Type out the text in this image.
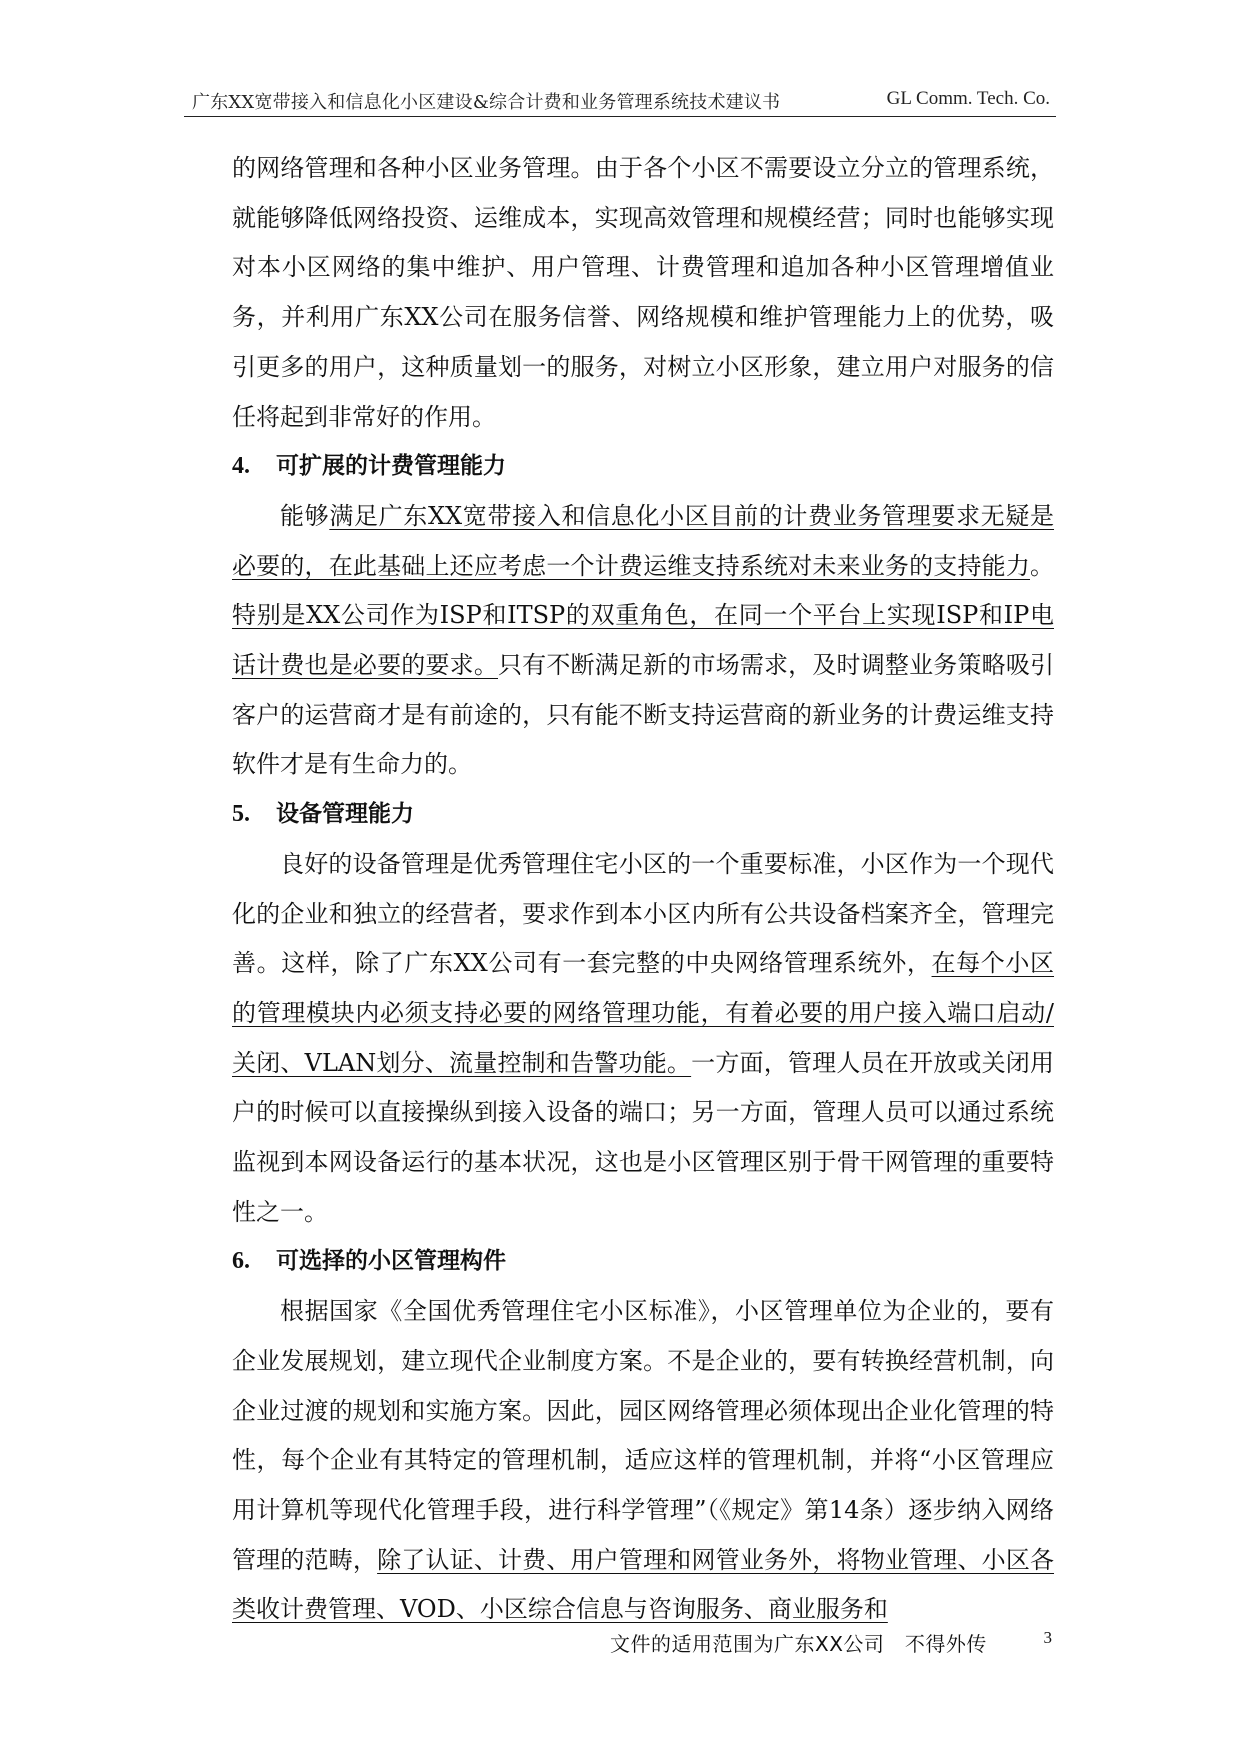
广东XX宽带接入和信息化小区建设&综合计费和业务管理系统技术建议书	GL Comm. Tech. Co.

的网络管理和各种小区业务管理。由于各个小区不需要设立分立的管理系统，就能够降低网络投资、运维成本，实现高效管理和规模经营；同时也能够实现对本小区网络的集中维护、用户管理、计费管理和追加各种小区管理增值业务，并利用广东XX公司在服务信誉、网络规模和维护管理能力上的优势，吸引更多的用户，这种质量划一的服务，对树立小区形象，建立用户对服务的信任将起到非常好的作用。

4. 可扩展的计费管理能力

能够满足广东XX宽带接入和信息化小区目前的计费业务管理要求无疑是必要的，在此基础上还应考虑一个计费运维支持系统对未来业务的支持能力。特别是XX公司作为ISP和ITSP的双重角色，在同一个平台上实现ISP和IP电话计费也是必要的要求。只有不断满足新的市场需求，及时调整业务策略吸引客户的运营商才是有前途的，只有能不断支持运营商的新业务的计费运维支持软件才是有生命力的。

5. 设备管理能力

良好的设备管理是优秀管理住宅小区的一个重要标准，小区作为一个现代化的企业和独立的经营者，要求作到本小区内所有公共设备档案齐全，管理完善。这样，除了广东XX公司有一套完整的中央网络管理系统外，在每个小区的管理模块内必须支持必要的网络管理功能，有着必要的用户接入端口启动/关闭、VLAN划分、流量控制和告警功能。一方面，管理人员在开放或关闭用户的时候可以直接操纵到接入设备的端口；另一方面，管理人员可以通过系统监视到本网设备运行的基本状况，这也是小区管理区别于骨干网管理的重要特性之一。

6. 可选择的小区管理构件

根据国家《全国优秀管理住宅小区标准》，小区管理单位为企业的，要有企业发展规划，建立现代企业制度方案。不是企业的，要有转换经营机制，向企业过渡的规划和实施方案。因此，园区网络管理必须体现出企业化管理的特性，每个企业有其特定的管理机制，适应这样的管理机制，并将“小区管理应用计算机等现代化管理手段，进行科学管理”（《规定》第14条）逐步纳入网络管理的范畴，除了认证、计费、用户管理和网管业务外，将物业管理、小区各类收计费管理、VOD、小区综合信息与咨询服务、商业服务和

文件的适用范围为广东XX公司　不得外传	3
